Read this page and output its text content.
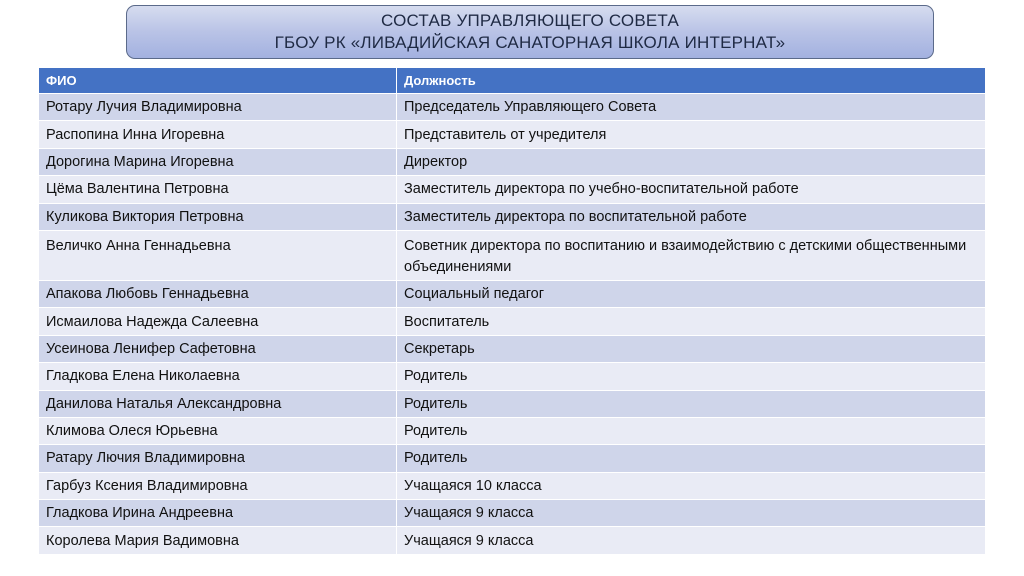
СОСТАВ УПРАВЛЯЮЩЕГО СОВЕТА
ГБОУ РК «ЛИВАДИЙСКАЯ САНАТОРНАЯ ШКОЛА ИНТЕРНАТ»
ФИО	Должность
Ротару Лучия Владимировна	Председатель Управляющего Совета
Распопина Инна Игоревна	Представитель от учредителя
Дорогина Марина Игоревна	Директор
Цёма Валентина Петровна	Заместитель директора по учебно-воспитательной работе
Куликова Виктория Петровна	Заместитель директора по воспитательной работе
Величко Анна Геннадьевна	Советник директора по воспитанию и взаимодействию с детскими общественными объединениями
Апакова Любовь Геннадьевна	Социальный педагог
Исмаилова Надежда Салеевна	Воспитатель
Усеинова Ленифер Сафетовна	Секретарь
Гладкова Елена Николаевна	Родитель
Данилова Наталья Александровна	Родитель
Климова Олеся Юрьевна	Родитель
Ратару Лючия Владимировна	Родитель
Гарбуз Ксения Владимировна	Учащаяся 10 класса
Гладкова Ирина Андреевна	Учащаяся 9 класса
Королева Мария Вадимовна	Учащаяся 9 класса
